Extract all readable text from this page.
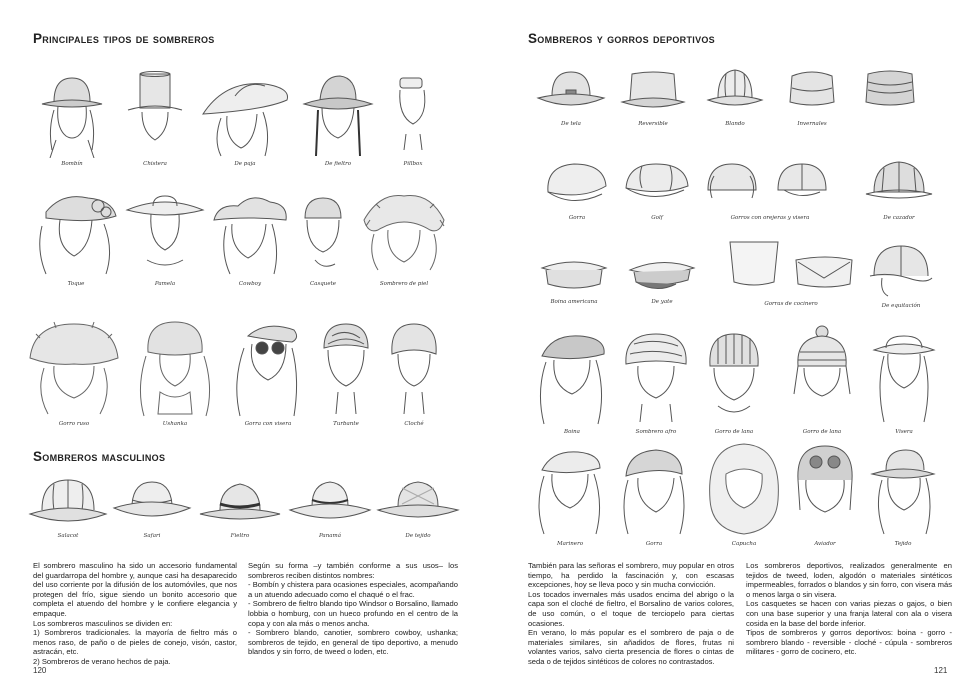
Principales tipos de sombreros
Bombín	Chistera	De paja	De fieltro	Pillbox
Toque	Pamela	Cowboy	Casquete	Sombrero de piel
Gorro ruso	Ushanka	Gorra con visera	Turbante	Cloché
Sombreros masculinos
Salacot	Safari	Fieltro	Panamá	De tejido

El sombrero masculino ha sido un accesorio fundamental del guardarropa del hombre y, aunque casi ha desaparecido del uso corriente por la difusión de los automóviles, que nos protegen del frío, sigue siendo un bonito accesorio que completa el atuendo del hombre y le confiere elegancia y empaque.

Los sombreros masculinos se dividen en:

1) Sombreros tradicionales. la mayoría de fieltro más o menos raso, de paño o de pieles de conejo, visón, castor, astracán, etc.

2) Sombreros de verano hechos de paja.

Según su forma –y también conforme a sus usos– los sombreros reciben distintos nombres:

- Bombín y chistera para ocasiones especiales, acompañando a un atuendo adecuado como el chaqué o el frac.

- Sombrero de fieltro blando tipo Windsor o Borsalino, llamado lobbia o homburg, con un hueco profundo en el centro de la copa y con ala más o menos ancha.

- Sombrero blando, canotier, sombrero cowboy, ushanka; sombreros de tejido, en general de tipo deportivo, a menudo blandos y sin forro, de tweed o loden, etc.

120
Sombreros y gorros deportivos
De tela	Reversible	Blando	Invernales
Gorra	Golf	Gorros con orejeras y visera	De cazador
Boina americana	De yate	Gorras de cocinero	De equitación
Boina	Sombrero afro	Gorro de lana	Gorro de lana	Visera
Marinero	Gorra	Capucha	Aviador	Tejido

También para las señoras el sombrero, muy popular en otros tiempo, ha perdido la fascinación y, con escasas excepciones, hoy se lleva poco y sin mucha convicción.

Los tocados invernales más usados encima del abrigo o la capa son el cloché de fieltro, el Borsalino de varios colores, de uso común, o el toque de terciopelo para ciertas ocasiones.

En verano, lo más popular es el sombrero de paja o de materiales similares, sin añadidos de flores, frutas ni volantes varios, salvo cierta presencia de flores o cintas de seda o de tejidos sintéticos de colores no contrastados.

Los sombreros deportivos, realizados generalmente en tejidos de tweed, loden, algodón o materiales sintéticos impermeables, forrados o blandos y sin forro, con visera más o menos larga o sin visera.

Los casquetes se hacen con varias piezas o gajos, o bien con una base superior y una franja lateral con ala o visera cosida en la base del borde inferior.

Tipos de sombreros y gorros deportivos: boina - gorro - sombrero blando - reversible - cloché - cúpula - sombreros militares - gorro de cocinero, etc.

121
